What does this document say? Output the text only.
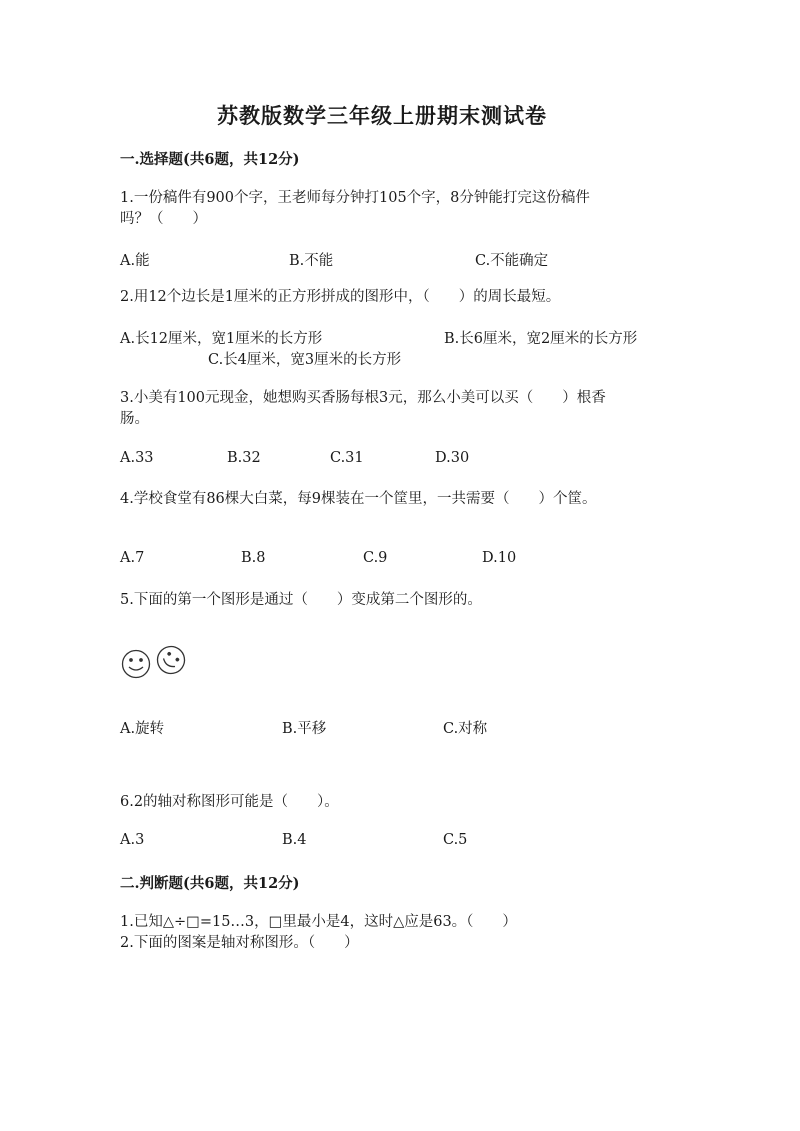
苏教版数学三年级上册期末测试卷
一.选择题(共6题，共12分)
1.一份稿件有900个字，王老师每分钟打105个字，8分钟能打完这份稿件
吗？（　　）
A.能	B.不能	C.不能确定
2.用12个边长是1厘米的正方形拼成的图形中，（　　）的周长最短。
A.长12厘米，宽1厘米的长方形	B.长6厘米，宽2厘米的长方形
C.长4厘米，宽3厘米的长方形
3.小美有100元现金，她想购买香肠每根3元，那么小美可以买（　　）根香
肠。
A.33	B.32	C.31	D.30
4.学校食堂有86棵大白菜，每9棵装在一个筐里，一共需要（　　）个筐。
A.7	B.8	C.9	D.10
5.下面的第一个图形是通过（　　）变成第二个图形的。
A.旋转	B.平移	C.对称
6.2的轴对称图形可能是（　　）。
A.3	B.4	C.5
二.判断题(共6题，共12分)
1.已知△÷□=15…3，□里最小是4，这时△应是63。（　　）
2.下面的图案是轴对称图形。（　　）
